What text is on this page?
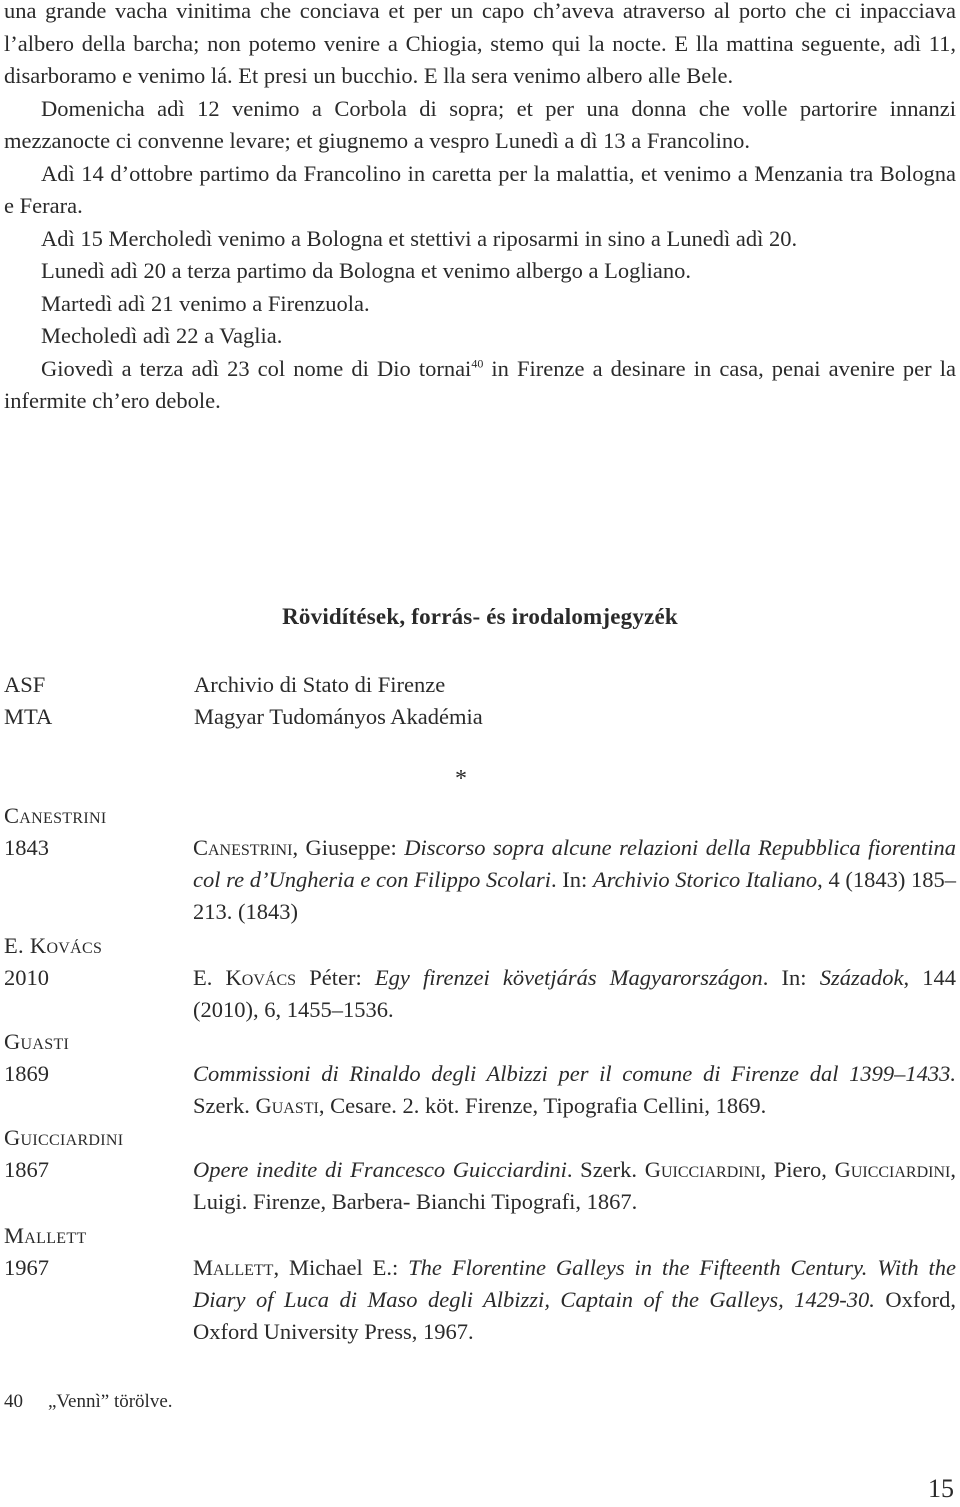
una grande vacha vinitima che conciava et per un capo ch’aveva atraverso al porto che ci inpacciava l’albero della barcha; non potemo venire a Chiogia, stemo qui la nocte. E lla mattina seguente, adì 11, disarboramo e venimo lá. Et presi un bucchio. E lla sera venimo albero alle Bele.

Domenicha adì 12 venimo a Corbola di sopra; et per una donna che volle partorire innanzi mezzanocte ci convenne levare; et giugnemo a vespro Lunedì a dì 13 a Francolino.

Adì 14 d’ottobre partimo da Francolino in caretta per la malattia, et venimo a Menzania tra Bologna e Ferara.

Adì 15 Mercholedì venimo a Bologna et stettivi a riposarmi in sino a Lunedì adì 20.

Lunedì adì 20 a terza partimo da Bologna et venimo albergo a Logliano.

Martedì adì 21 venimo a Firenzuola.

Mecholedì adì 22 a Vaglia.

Giovedì a terza adì 23 col nome di Dio tornai$^{40}$ in Firenze a desinare in casa, penai avenire per la infermite ch’ero debole.

Rövidítések, forrás- és irodalomjegyzék
ASF	Archivio di Stato di Firenze
MTA	Magyar Tudományos Akadémia
*
Canestrini
1843	Canestrini, Giuseppe: Discorso sopra alcune relazioni della Repubblica fiorentina col re d’Ungheria e con Filippo Scolari. In: Archivio Storico Italiano, 4 (1843) 185–213. (1843)
E. Kovács
2010	E. Kovács Péter: Egy firenzei követjárás Magyarországon. In: Századok, 144 (2010), 6, 1455–1536.
Guasti
1869	Commissioni di Rinaldo degli Albizzi per il comune di Firenze dal 1399–1433. Szerk. Guasti, Cesare. 2. köt. Firenze, Tipografia Cellini, 1869.
Guicciardini
1867	Opere inedite di Francesco Guicciardini. Szerk. Guicciardini, Piero, Guicciardini, Luigi. Firenze, Barbera- Bianchi Tipografi, 1867.
Mallett
1967	Mallett, Michael E.: The Florentine Galleys in the Fifteenth Century. With the Diary of Luca di Maso degli Albizzi, Captain of the Galleys, 1429-30. Oxford, Oxford University Press, 1967.
40 „Vennì” törölve.
15
